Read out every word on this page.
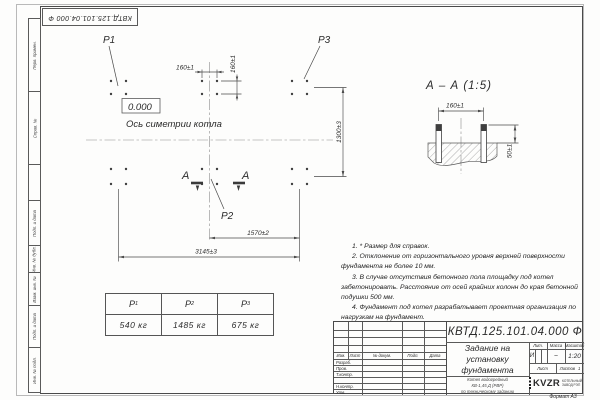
Перв. примен.
Справ. №
Подп. и дата
Инв. № дубл.
Взам. инв. №
Подп. и дата
Инв. № подл.
КВТД.125.101.04.000 Ф
P1	P3
P2
А	А
160±1	160±1
1570±2
3145±3
1300±3
0.000
Ось симетрии котла
А – А (1:5)
160±1
50±1
1. * Размер для справок.
2. Отклонение от горизонтального уровня верхней поверхности фундамента не более 10 мм.
3. В случае отсутствия бетонного пола площадку под котел забетонировать. Расстояние от осей крайних колонн до края бетонной подушки 500 мм.
4. Фундамент под котел разрабатывает проектная организация по нагрузкам на фундамент.
P 1	P 2	P 3
540 кг	1485 кг	675 кг
Изм. Лист	№ докум.	Подп.	Дата
Разраб.
Пров.
Т.контр.
Н.контр.
Утв.
КВТД.125.101.04.000 Ф
Задание на
установку
фундамента
Котел водогрейный
КВ-1,45 Д (РВР)
по техническому заданию
Лит.	Масса Масштаб
И	–	1:20
Лист	Листов 1
KVZR КОТЕЛЬНЫЙ
ЗАВОД РЭП
Формат А3
